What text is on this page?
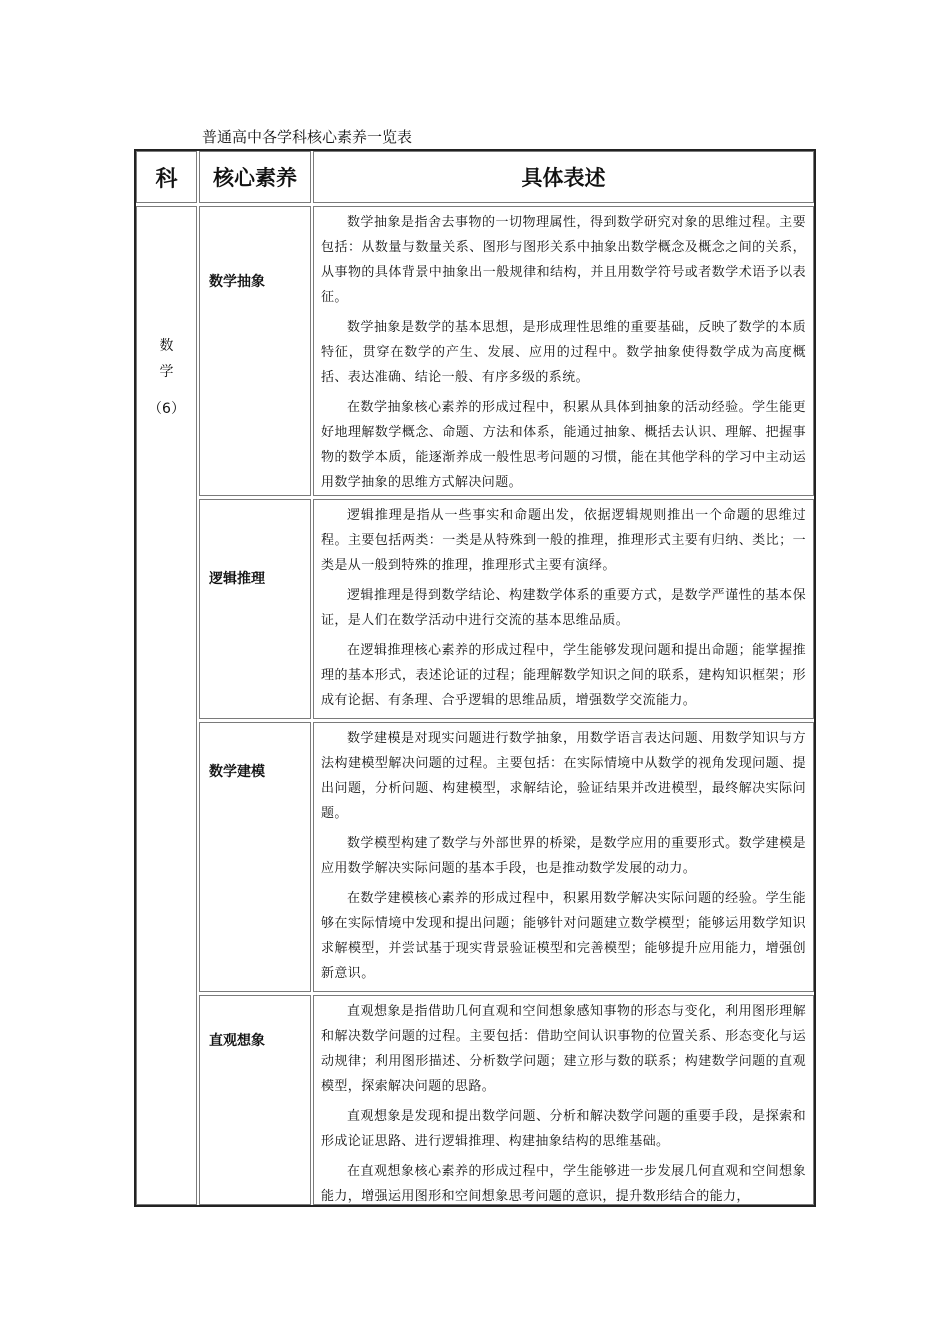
普通高中各学科核心素养一览表
科	核心素养	具体表述
数
学
（6）
数学抽象

数学抽象是指舍去事物的一切物理属性，得到数学研究对象的思维过程。主要包括：从数量与数量关系、图形与图形关系中抽象出数学概念及概念之间的关系，从事物的具体背景中抽象出一般规律和结构，并且用数学符号或者数学术语予以表征。

数学抽象是数学的基本思想，是形成理性思维的重要基础，反映了数学的本质特征，贯穿在数学的产生、发展、应用的过程中。数学抽象使得数学成为高度概括、表达准确、结论一般、有序多级的系统。

在数学抽象核心素养的形成过程中，积累从具体到抽象的活动经验。学生能更好地理解数学概念、命题、方法和体系，能通过抽象、概括去认识、理解、把握事物的数学本质，能逐渐养成一般性思考问题的习惯，能在其他学科的学习中主动运用数学抽象的思维方式解决问题。

逻辑推理

逻辑推理是指从一些事实和命题出发，依据逻辑规则推出一个命题的思维过程。主要包括两类：一类是从特殊到一般的推理，推理形式主要有归纳、类比；一类是从一般到特殊的推理，推理形式主要有演绎。

逻辑推理是得到数学结论、构建数学体系的重要方式，是数学严谨性的基本保证，是人们在数学活动中进行交流的基本思维品质。

在逻辑推理核心素养的形成过程中，学生能够发现问题和提出命题；能掌握推理的基本形式，表述论证的过程；能理解数学知识之间的联系，建构知识框架；形成有论据、有条理、合乎逻辑的思维品质，增强数学交流能力。

数学建模

数学建模是对现实问题进行数学抽象，用数学语言表达问题、用数学知识与方法构建模型解决问题的过程。主要包括：在实际情境中从数学的视角发现问题、提出问题，分析问题、构建模型，求解结论，验证结果并改进模型，最终解决实际问题。

数学模型构建了数学与外部世界的桥梁，是数学应用的重要形式。数学建模是应用数学解决实际问题的基本手段，也是推动数学发展的动力。

在数学建模核心素养的形成过程中，积累用数学解决实际问题的经验。学生能够在实际情境中发现和提出问题；能够针对问题建立数学模型；能够运用数学知识求解模型，并尝试基于现实背景验证模型和完善模型；能够提升应用能力，增强创新意识。

直观想象

直观想象是指借助几何直观和空间想象感知事物的形态与变化，利用图形理解和解决数学问题的过程。主要包括：借助空间认识事物的位置关系、形态变化与运动规律；利用图形描述、分析数学问题；建立形与数的联系；构建数学问题的直观模型，探索解决问题的思路。

直观想象是发现和提出数学问题、分析和解决数学问题的重要手段，是探索和形成论证思路、进行逻辑推理、构建抽象结构的思维基础。

在直观想象核心素养的形成过程中，学生能够进一步发展几何直观和空间想象能力，增强运用图形和空间想象思考问题的意识，提升数形结合的能力，
